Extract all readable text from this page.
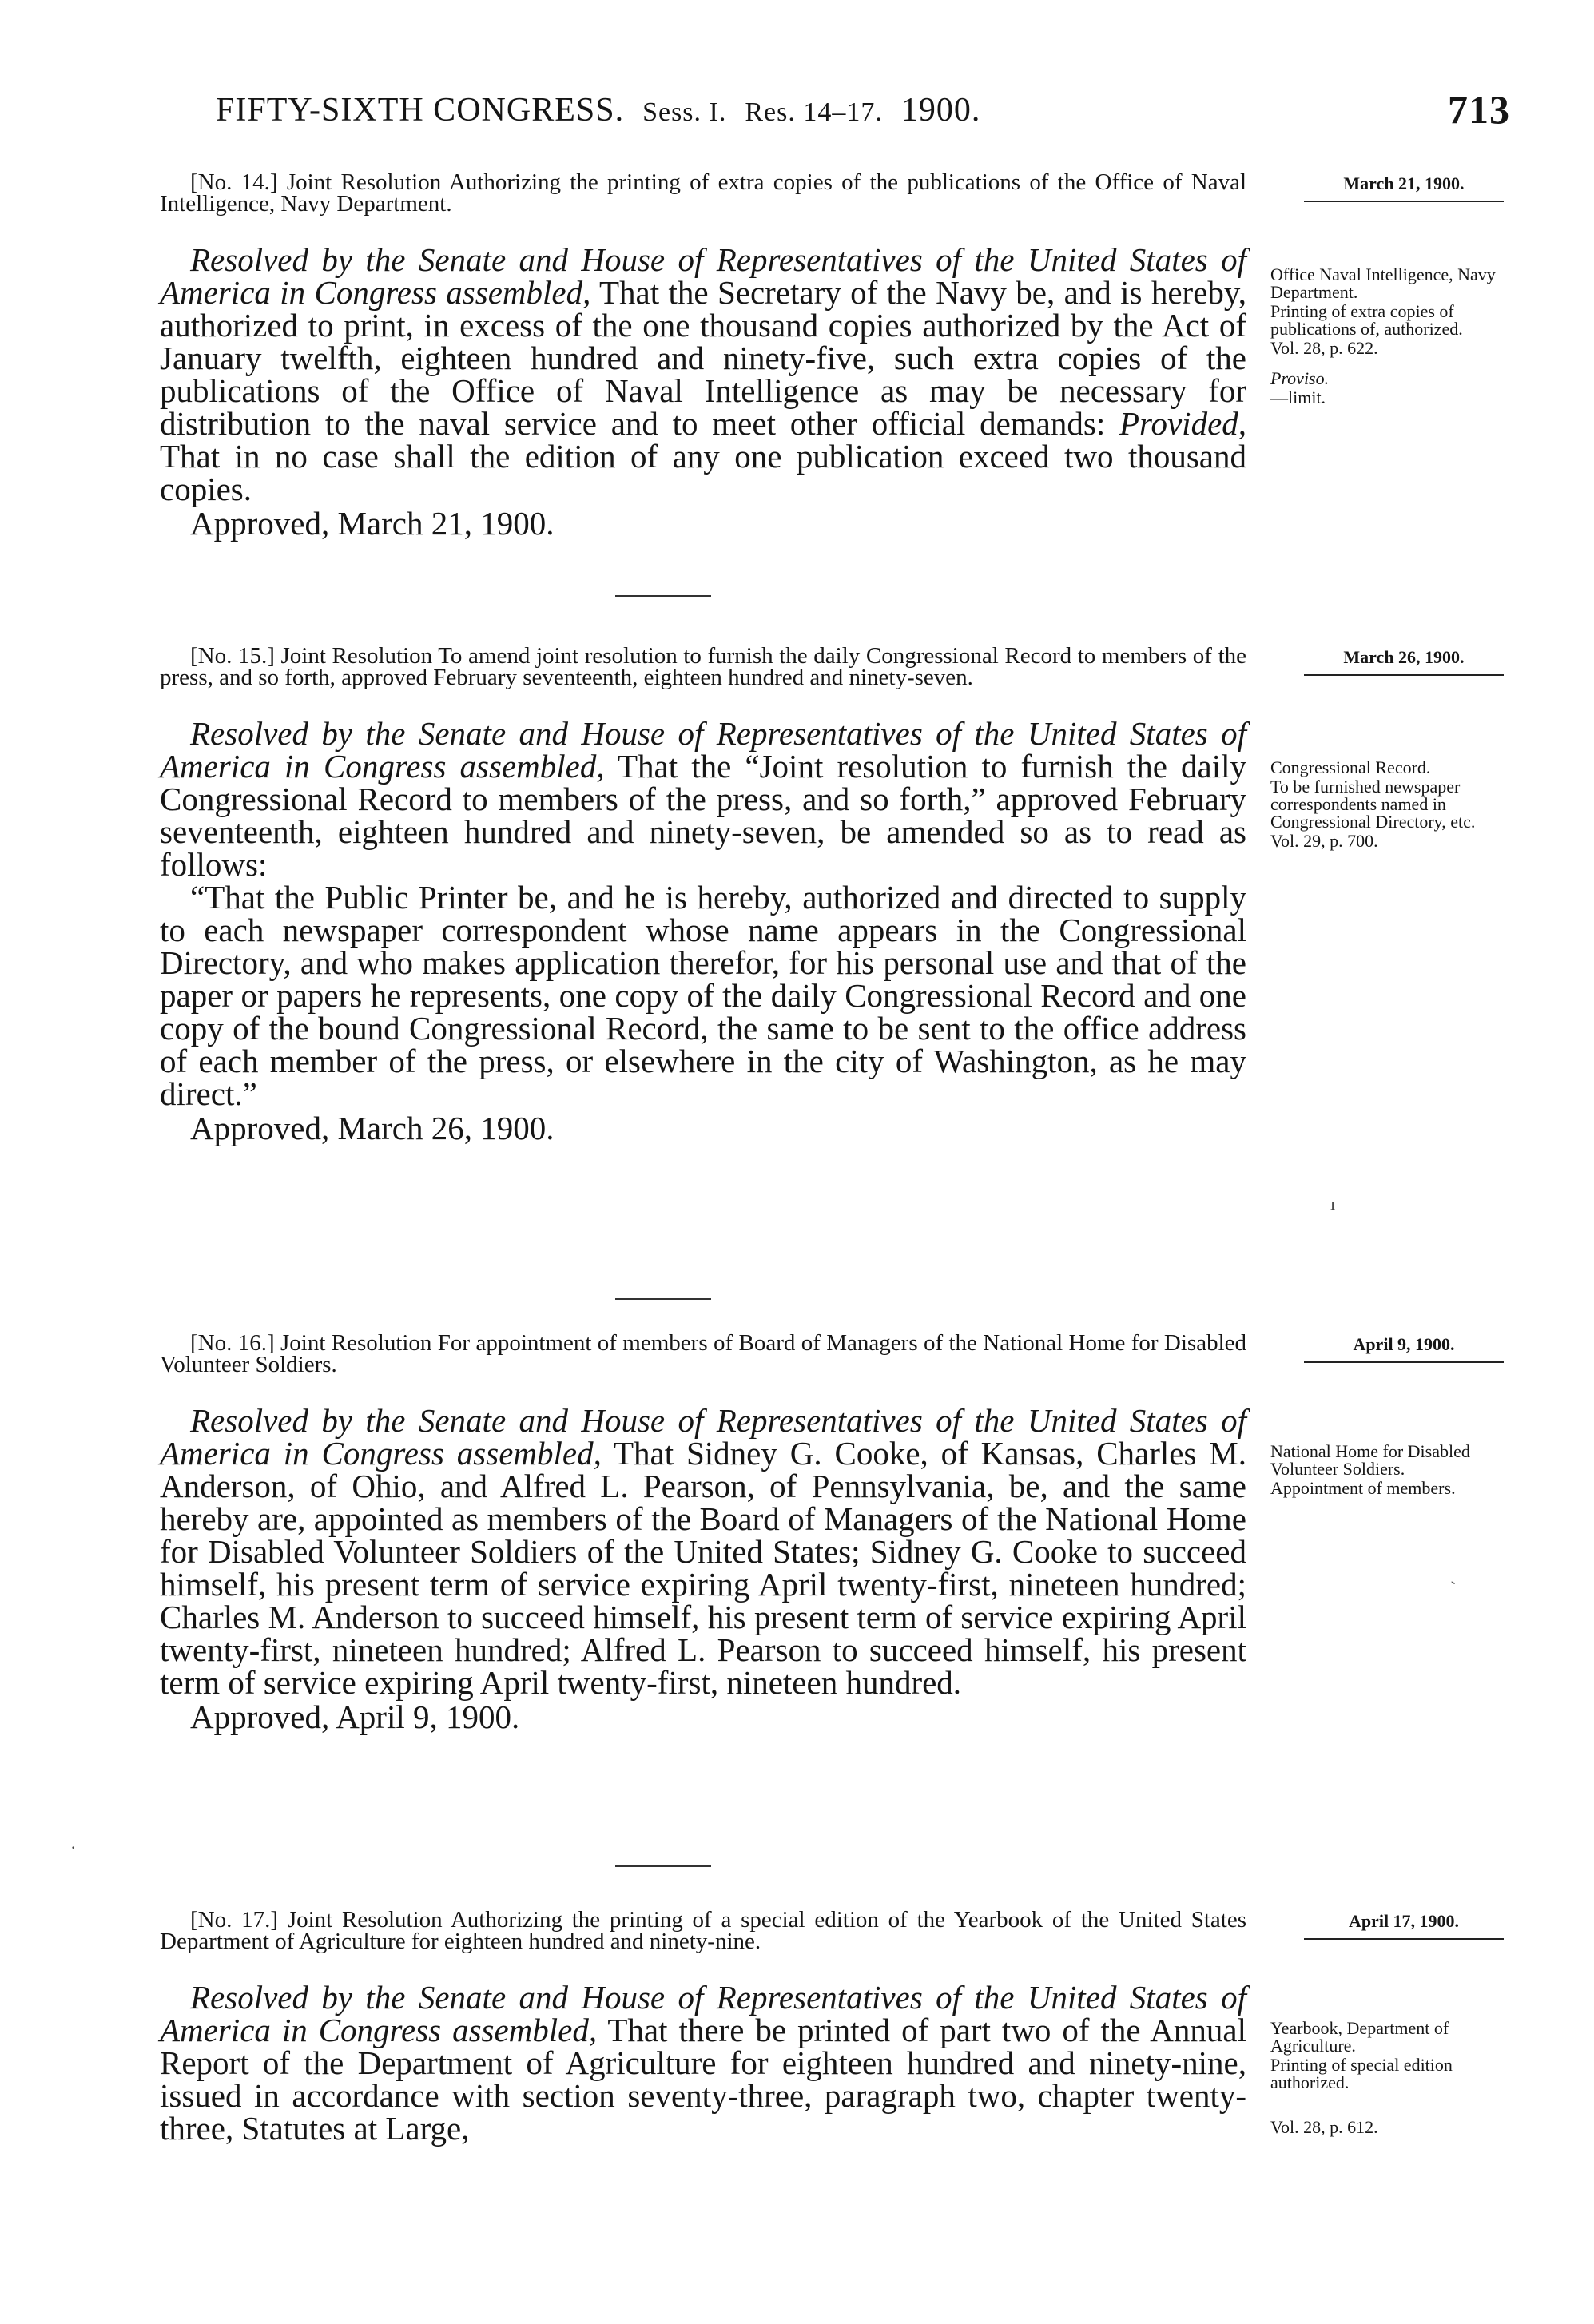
FIFTY-SIXTH CONGRESS. Sess. I. Res. 14–17. 1900.	713

[No. 14.] Joint Resolution Authorizing the printing of extra copies of the publications of the Office of Naval Intelligence, Navy Department.

March 21, 1900.

Resolved by the Senate and House of Representatives of the United States of America in Congress assembled, That the Secretary of the Navy be, and is hereby, authorized to print, in excess of the one thousand copies authorized by the Act of January twelfth, eighteen hundred and ninety-five, such extra copies of the publications of the Office of Naval Intelligence as may be necessary for distribution to the naval service and to meet other official demands: Provided, That in no case shall the edition of any one publication exceed two thousand copies.

Approved, March 21, 1900.

Office Naval Intelligence, Navy Department.

Printing of extra copies of publications of, authorized.

Vol. 28, p. 622.

Proviso.

—limit.

[No. 15.] Joint Resolution To amend joint resolution to furnish the daily Congressional Record to members of the press, and so forth, approved February seventeenth, eighteen hundred and ninety-seven.

March 26, 1900.

Resolved by the Senate and House of Representatives of the United States of America in Congress assembled, That the “Joint resolution to furnish the daily Congressional Record to members of the press, and so forth,” approved February seventeenth, eighteen hundred and ninety-seven, be amended so as to read as follows:

“That the Public Printer be, and he is hereby, authorized and directed to supply to each newspaper correspondent whose name appears in the Congressional Directory, and who makes application therefor, for his personal use and that of the paper or papers he represents, one copy of the daily Congressional Record and one copy of the bound Congressional Record, the same to be sent to the office address of each member of the press, or elsewhere in the city of Washington, as he may direct.”

Approved, March 26, 1900.

Congressional Record.

To be furnished newspaper correspondents named in Congressional Directory, etc.

Vol. 29, p. 700.

ı

[No. 16.] Joint Resolution For appointment of members of Board of Managers of the National Home for Disabled Volunteer Soldiers.

April 9, 1900.

Resolved by the Senate and House of Representatives of the United States of America in Congress assembled, That Sidney G. Cooke, of Kansas, Charles M. Anderson, of Ohio, and Alfred L. Pearson, of Pennsylvania, be, and the same hereby are, appointed as members of the Board of Managers of the National Home for Disabled Volunteer Soldiers of the United States; Sidney G. Cooke to succeed himself, his present term of service expiring April twenty-first, nineteen hundred; Charles M. Anderson to succeed himself, his present term of service expiring April twenty-first, nineteen hundred; Alfred L. Pearson to succeed himself, his present term of service expiring April twenty-first, nineteen hundred.

Approved, April 9, 1900.

National Home for Disabled Volunteer Soldiers.

Appointment of members.

ˋ
·

[No. 17.] Joint Resolution Authorizing the printing of a special edition of the Yearbook of the United States Department of Agriculture for eighteen hundred and ninety-nine.

April 17, 1900.

Resolved by the Senate and House of Representatives of the United States of America in Congress assembled, That there be printed of part two of the Annual Report of the Department of Agriculture for eighteen hundred and ninety-nine, issued in accordance with section seventy-three, paragraph two, chapter twenty-three, Statutes at Large,

Yearbook, Department of Agriculture.

Printing of special edition authorized.

Vol. 28, p. 612.
